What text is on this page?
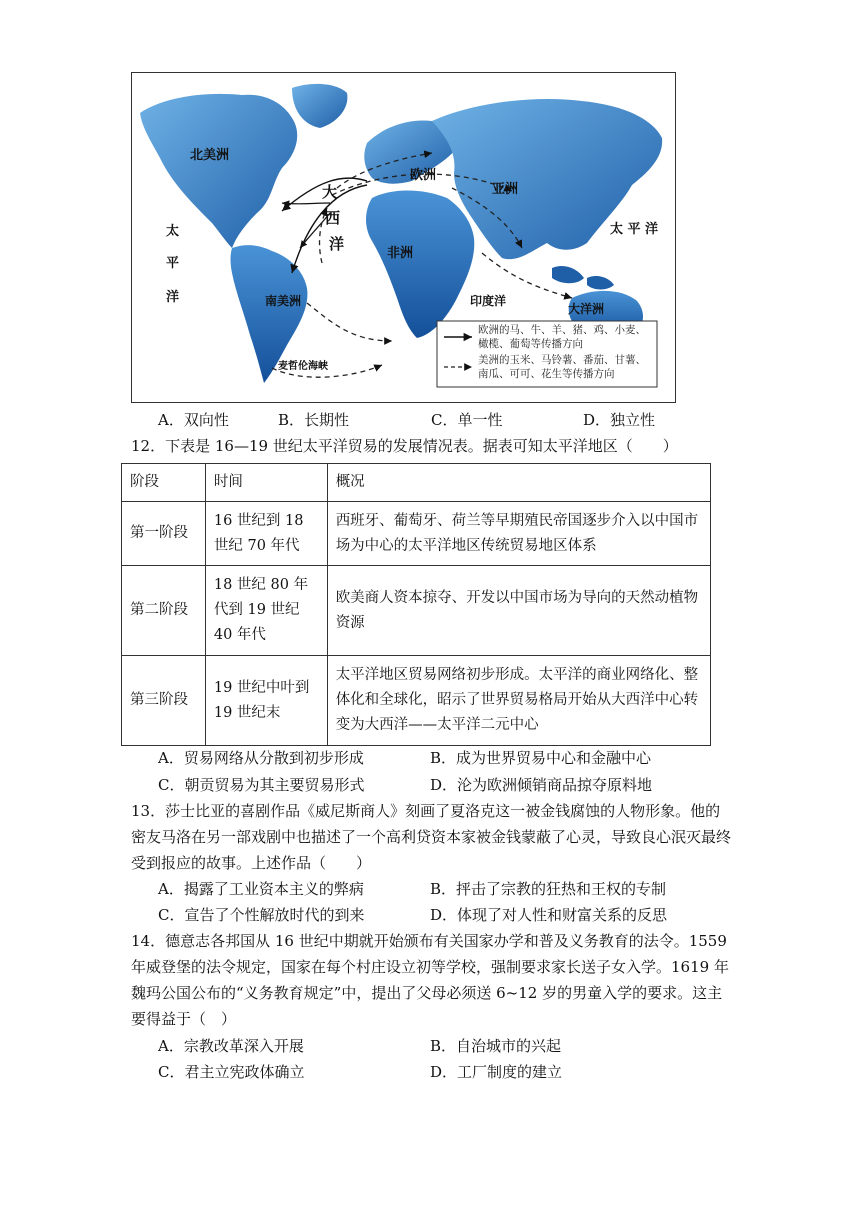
北美洲
欧洲
亚洲
非洲
南美洲
大洋洲
大
西
洋
太
平
洋
太 平 洋
印度洋
麦哲伦海峡
欧洲的马、牛、羊、猪、鸡、小麦、
橄榄、葡萄等传播方向
美洲的玉米、马铃薯、番茄、甘薯、
南瓜、可可、花生等传播方向
A．双向性	B．长期性	C．单一性	D．独立性
12．下表是 16—19 世纪太平洋贸易的发展情况表。据表可知太平洋地区（　　）
阶段	时间	概况
第一阶段	16 世纪到 18 世纪 70 年代	西班牙、葡萄牙、荷兰等早期殖民帝国逐步介入以中国市场为中心的太平洋地区传统贸易地区体系
第二阶段	18 世纪 80 年代到 19 世纪 40 年代	欧美商人资本掠夺、开发以中国市场为导向的天然动植物资源
第三阶段	19 世纪中叶到 19 世纪末	太平洋地区贸易网络初步形成。太平洋的商业网络化、整体化和全球化，昭示了世界贸易格局开始从大西洋中心转变为大西洋——太平洋二元中心
A．贸易网络从分散到初步形成	B．成为世界贸易中心和金融中心
C．朝贡贸易为其主要贸易形式	D．沦为欧洲倾销商品掠夺原料地
13．莎士比亚的喜剧作品《威尼斯商人》刻画了夏洛克这一被金钱腐蚀的人物形象。他的密友马洛在另一部戏剧中也描述了一个高利贷资本家被金钱蒙蔽了心灵，导致良心泯灭最终受到报应的故事。上述作品（　　）
A．揭露了工业资本主义的弊病	B．抨击了宗教的狂热和王权的专制
C．宣告了个性解放时代的到来	D．体现了对人性和财富关系的反思
14．德意志各邦国从 16 世纪中期就开始颁布有关国家办学和普及义务教育的法令。1559 年威登堡的法令规定，国家在每个村庄设立初等学校，强制要求家长送子女入学。1619 年魏玛公国公布的“义务教育规定”中，提出了父母必须送 6~12 岁的男童入学的要求。这主要得益于（　）
A．宗教改革深入开展	B．自治城市的兴起
C．君主立宪政体确立	D．工厂制度的建立
